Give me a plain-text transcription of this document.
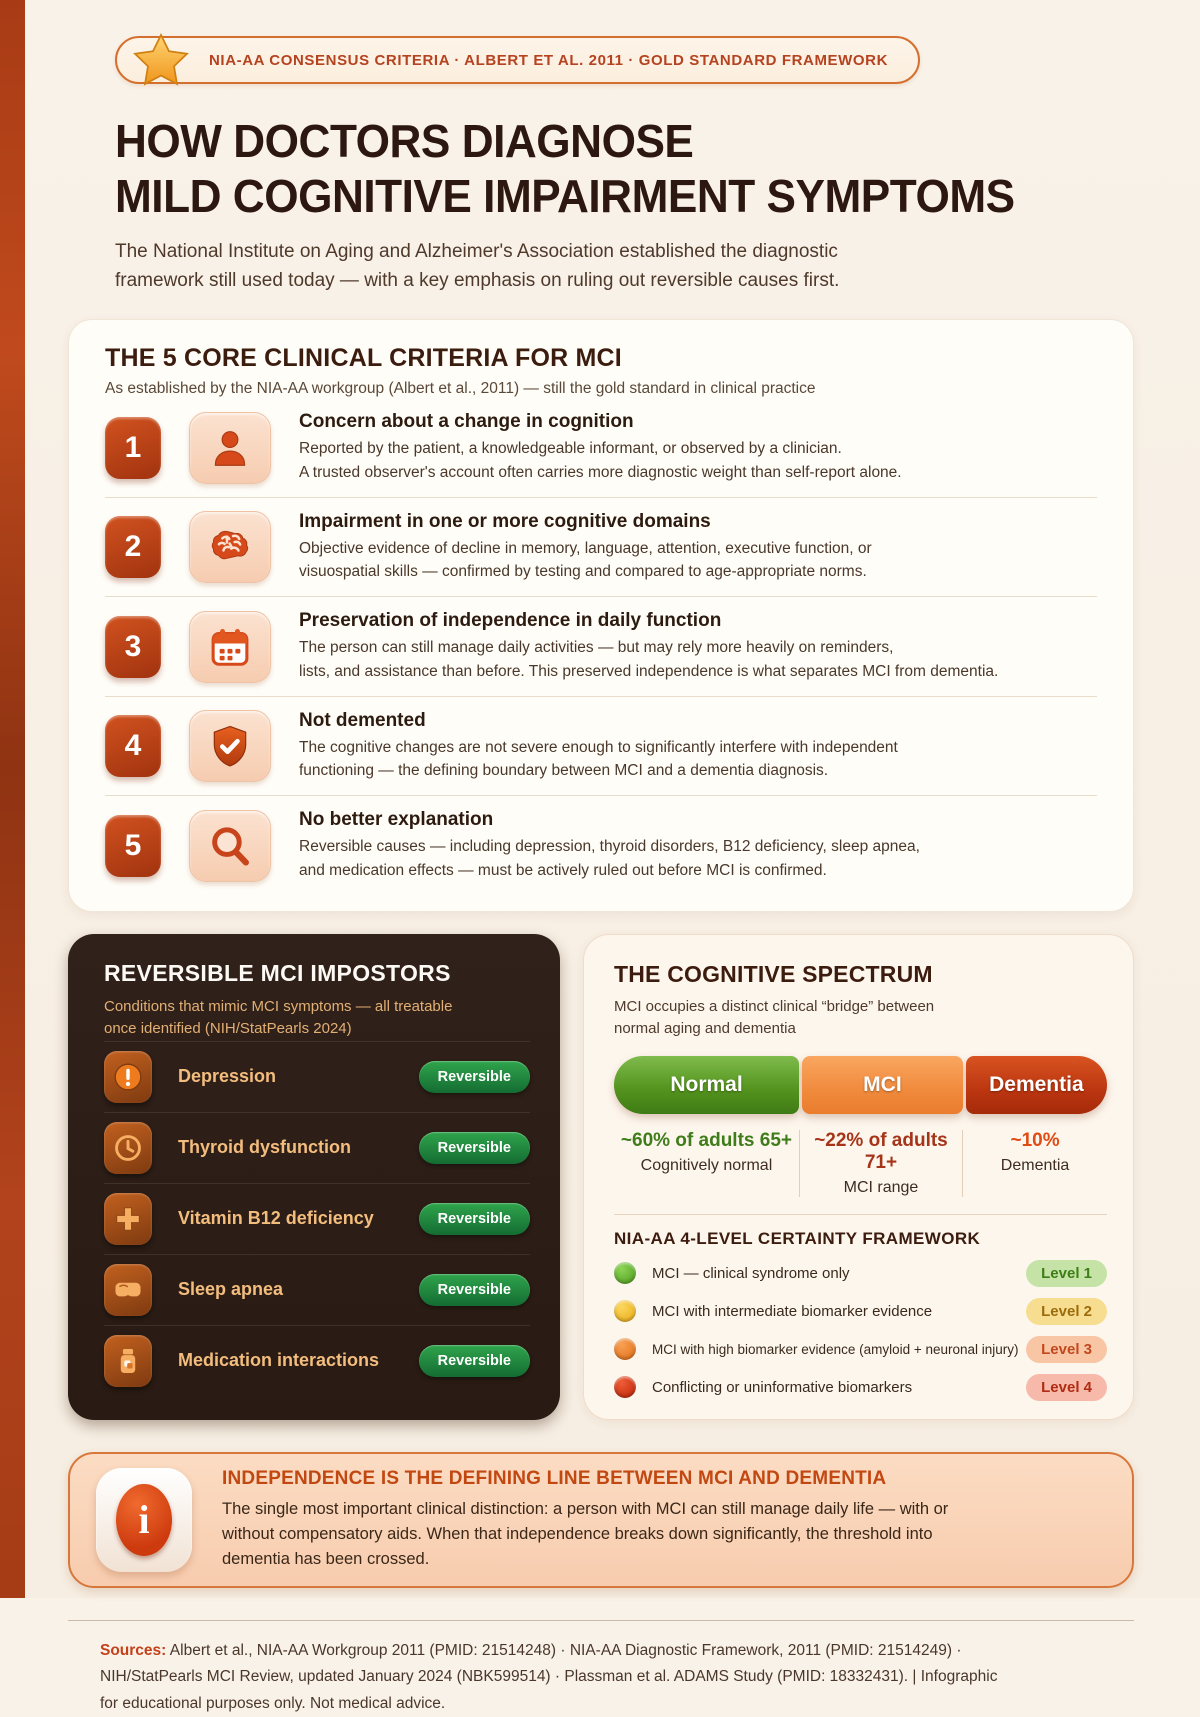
NIA-AA CONSENSUS CRITERIA · ALBERT ET AL. 2011 · GOLD STANDARD FRAMEWORK
HOW DOCTORS DIAGNOSE
MILD COGNITIVE IMPAIRMENT SYMPTOMS
The National Institute on Aging and Alzheimer's Association established the diagnostic
framework still used today — with a key emphasis on ruling out reversible causes first.
THE 5 CORE CLINICAL CRITERIA FOR MCI
As established by the NIA-AA workgroup (Albert et al., 2011) — still the gold standard in clinical practice
1
Concern about a change in cognition
Reported by the patient, a knowledgeable informant, or observed by a clinician.
A trusted observer's account often carries more diagnostic weight than self-report alone.
2
Impairment in one or more cognitive domains
Objective evidence of decline in memory, language, attention, executive function, or
visuospatial skills — confirmed by testing and compared to age-appropriate norms.
3
Preservation of independence in daily function
The person can still manage daily activities — but may rely more heavily on reminders,
lists, and assistance than before. This preserved independence is what separates MCI from dementia.
4
Not demented
The cognitive changes are not severe enough to significantly interfere with independent
functioning — the defining boundary between MCI and a dementia diagnosis.
5
No better explanation
Reversible causes — including depression, thyroid disorders, B12 deficiency, sleep apnea,
and medication effects — must be actively ruled out before MCI is confirmed.
REVERSIBLE MCI IMPOSTORS
Conditions that mimic MCI symptoms — all treatable
once identified (NIH/StatPearls 2024)
Depression	Reversible
Thyroid dysfunction	Reversible
Vitamin B12 deficiency	Reversible
Sleep apnea	Reversible
Medication interactions	Reversible
THE COGNITIVE SPECTRUM
MCI occupies a distinct clinical “bridge” between
normal aging and dementia
Normal	MCI	Dementia
~60% of adults 65+
Cognitively normal
~22% of adults 71+
MCI range
~10%
Dementia
NIA-AA 4-LEVEL CERTAINTY FRAMEWORK
MCI — clinical syndrome only	Level 1
MCI with intermediate biomarker evidence	Level 2
MCI with high biomarker evidence (amyloid + neuronal injury)	Level 3
Conflicting or uninformative biomarkers	Level 4
i
INDEPENDENCE IS THE DEFINING LINE BETWEEN MCI AND DEMENTIA
The single most important clinical distinction: a person with MCI can still manage daily life — with or
without compensatory aids. When that independence breaks down significantly, the threshold into
dementia has been crossed.
Sources: Albert et al., NIA-AA Workgroup 2011 (PMID: 21514248) · NIA-AA Diagnostic Framework, 2011 (PMID: 21514249) ·
NIH/StatPearls MCI Review, updated January 2024 (NBK599514) · Plassman et al. ADAMS Study (PMID: 18332431). | Infographic
for educational purposes only. Not medical advice.
